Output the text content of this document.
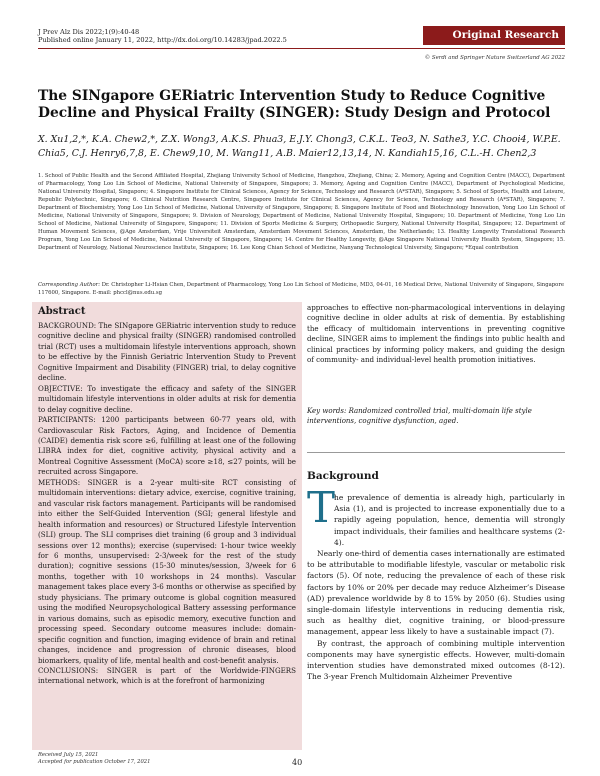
J Prev Alz Dis 2022;1(9):40-48
Published online January 11, 2022, http://dx.doi.org/10.14283/jpad.2022.5	Original Research
© Serdi and Springer Nature Switzerland AG 2022
The SINgapore GERiatric Intervention Study to Reduce Cognitive Decline and Physical Frailty (SINGER): Study Design and Protocol
X. Xu1,2,*, K.A. Chew2,*, Z.X. Wong3, A.K.S. Phua3, E.J.Y. Chong3, C.K.L. Teo3, N. Sathe3, Y.C. Chooi4, W.P.E. Chia5, C.J. Henry6,7,8, E. Chew9,10, M. Wang11, A.B. Maier12,13,14, N. Kandiah15,16, C.L.-H. Chen2,3
1. School of Public Health and the Second Affiliated Hospital, Zhejiang University School of Medicine, Hangzhou, Zhejiang, China; 2. Memory, Ageing and Cognition Centre (MACC), Department of Pharmacology, Yong Loo Lin School of Medicine, National University of Singapore, Singapore; 3. Memory, Ageing and Cognition Centre (MACC), Department of Psychological Medicine, National University Hospital, Singapore; 4. Singapore Institute for Clinical Sciences, Agency for Science, Technology and Research (A*STAR), Singapore; 5. School of Sports, Health and Leisure, Republic Polytechnic, Singapore; 6. Clinical Nutrition Research Centre, Singapore Institute for Clinical Sciences, Agency for Science, Technology and Research (A*STAR), Singapore; 7. Department of Biochemistry, Yong Loo Lin School of Medicine, National University of Singapore, Singapore; 8. Singapore Institute of Food and Biotechnology Innovation, Yong Loo Lin School of Medicine, National University of Singapore, Singapore; 9. Division of Neurology, Department of Medicine, National University Hospital, Singapore; 10. Department of Medicine, Yong Loo Lin School of Medicine, National University of Singapore, Singapore; 11. Division of Sports Medicine & Surgery, Orthopaedic Surgery, National University Hospital, Singapore; 12. Department of Human Movement Sciences, @Age Amsterdam, Vrije Universiteit Amsterdam, Amsterdam Movement Sciences, Amsterdam, the Netherlands; 13. Healthy Longevity Translational Research Program, Yong Loo Lin School of Medicine, National University of Singapore, Singapore; 14. Centre for Healthy Longevity, @Age Singapore National University Health System, Singapore; 15. Department of Neurology, National Neuroscience Institute, Singapore; 16. Lee Kong Chian School of Medicine, Nanyang Technological University, Singapore; *Equal contribution
Corresponding Author: Dr. Christopher Li-Hsian Chen, Department of Pharmacology, Yong Loo Lin School of Medicine, MD3, 04-01, 16 Medical Drive, National University of Singapore, Singapore 117600, Singapore. E-mail: phccl@nus.edu.sg
Abstract

BACKGROUND: The SINgapore GERiatric intervention study to reduce cognitive decline and physical frailty (SINGER) randomised controlled trial (RCT) uses a multidomain lifestyle interventions approach, shown to be effective by the Finnish Geriatric Intervention Study to Prevent Cognitive Impairment and Disability (FINGER) trial, to delay cognitive decline.

OBJECTIVE: To investigate the efficacy and safety of the SINGER multidomain lifestyle interventions in older adults at risk for dementia to delay cognitive decline.

PARTICIPANTS: 1200 participants between 60-77 years old, with Cardiovascular Risk Factors, Aging, and Incidence of Dementia (CAIDE) dementia risk score ≥6, fulfilling at least one of the following LIBRA index for diet, cognitive activity, physical activity and a Montreal Cognitive Assessment (MoCA) score ≥18, ≤27 points, will be recruited across Singapore.

METHODS: SINGER is a 2-year multi-site RCT consisting of multidomain interventions: dietary advice, exercise, cognitive training, and vascular risk factors management. Participants will be randomised into either the Self-Guided Intervention (SGI; general lifestyle and health information and resources) or Structured Lifestyle Intervention (SLI) group. The SLI comprises diet training (6 group and 3 individual sessions over 12 months); exercise (supervised: 1-hour twice weekly for 6 months, unsupervised: 2-3/week for the rest of the study duration); cognitive sessions (15-30 minutes/session, 3/week for 6 months, together with 10 workshops in 24 months). Vascular management takes place every 3-6 months or otherwise as specified by study physicians. The primary outcome is global cognition measured using the modified Neuropsychological Battery assessing performance in various domains, such as episodic memory, executive function and processing speed. Secondary outcome measures include: domain-specific cognition and function, imaging evidence of brain and retinal changes, incidence and progression of chronic diseases, blood biomarkers, quality of life, mental health and cost-benefit analysis.

CONCLUSIONS: SINGER is part of the Worldwide-FINGERS international network, which is at the forefront of harmonizing

Received July 15, 2021
Accepted for publication October 17, 2021	40
approaches to effective non-pharmacological interventions in delaying cognitive decline in older adults at risk of dementia. By establishing the efficacy of multidomain interventions in preventing cognitive decline, SINGER aims to implement the findings into public health and clinical practices by informing policy makers, and guiding the design of community- and individual-level health promotion initiatives.
Key words: Randomized controlled trial, multi-domain life style interventions, cognitive dysfunction, aged.
Background
T

he prevalence of dementia is already high, particularly in Asia (1), and is projected to increase exponentially due to a rapidly ageing population, hence, dementia will strongly impact individuals, their families and healthcare systems (2-4).

Nearly one-third of dementia cases internationally are estimated to be attributable to modifiable lifestyle, vascular or metabolic risk factors (5). Of note, reducing the prevalence of each of these risk factors by 10% or 20% per decade may reduce Alzheimer’s Disease (AD) prevalence worldwide by 8 to 15% by 2050 (6). Studies using single-domain lifestyle interventions in reducing dementia risk, such as healthy diet, cognitive training, or blood-pressure management, appear less likely to have a sustainable impact (7).

By contrast, the approach of combining multiple intervention components may have synergistic effects. However, multi-domain intervention studies have demonstrated mixed outcomes (8-12). The 3-year French Multidomain Alzheimer Preventive
